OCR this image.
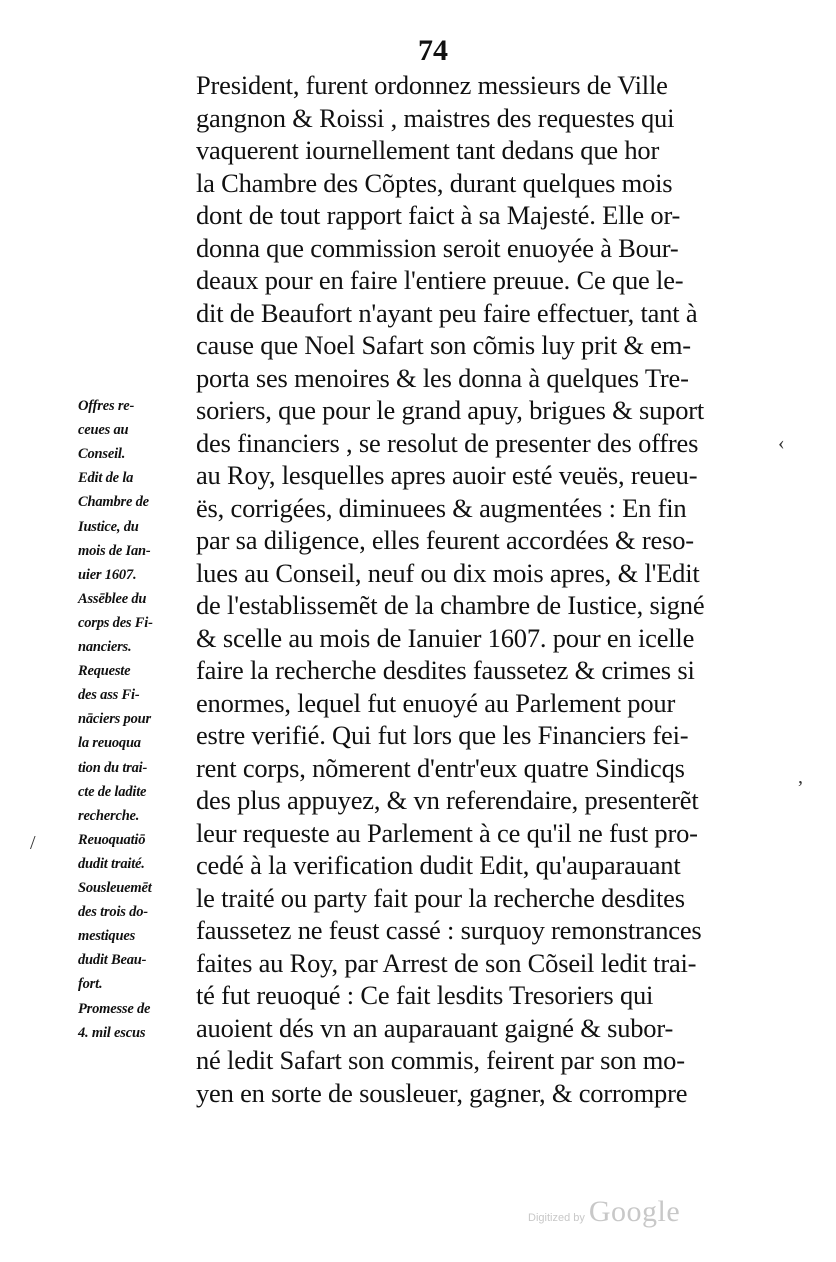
74
President, furent ordonnez messieurs de Ville
gangnon & Roissi , maistres des requestes qui
vaquerent iournellement tant dedans que hor
la Chambre des Cõptes, durant quelques mois
dont de tout rapport faict à sa Majesté. Elle or-
donna que commission seroit enuoyée à Bour-
deaux pour en faire l'entiere preuue. Ce que le-
dit de Beaufort n'ayant peu faire effectuer, tant à
cause que Noel Safart son cõmis luy prit & em-
porta ses menoires & les donna à quelques Tre-
soriers, que pour le grand apuy, brigues & suport
des financiers , se resolut de presenter des offres
au Roy, lesquelles apres auoir esté veuës, reueu-
ës, corrigées, diminuees & augmentées : En fin
par sa diligence, elles feurent accordées & reso-
lues au Conseil, neuf ou dix mois apres, & l'Edit
de l'establissemẽt de la chambre de Iustice, signé
& scelle au mois de Ianuier 1607. pour en icelle
faire la recherche desdites faussetez & crimes si
enormes, lequel fut enuoyé au Parlement pour
estre verifié. Qui fut lors que les Financiers fei-
rent corps, nõmerent d'entr'eux quatre Sindicqs
des plus appuyez, & vn referendaire, presenterẽt
leur requeste au Parlement à ce qu'il ne fust pro-
cedé à la verification dudit Edit, qu'auparauant
le traité ou party fait pour la recherche desdites
faussetez ne feust cassé : surquoy remonstrances
faites au Roy, par Arrest de son Cõseil ledit trai-
té fut reuoqué : Ce fait lesdits Tresoriers qui
auoient dés vn an auparauant gaigné & subor-
né ledit Safart son commis, feirent par son mo-
yen en sorte de sousleuer, gagner, & corrompre
Offres re-
ceues au
Conseil.
Edit de la
Chambre de
Iustice, du
mois de Ian-
uier 1607.
Assēblee du
corps des Fi-
nanciers.
Requeste
des ass Fi-
nāciers pour
la reuoqua
tion du trai-
cte de ladite
recherche.
Reuoquatiō
dudit traité.
Sousleuemēt
des trois do-
mestiques
dudit Beau-
fort.
Promesse de
4. mil escus
‹
,
/
Digitized by Google
